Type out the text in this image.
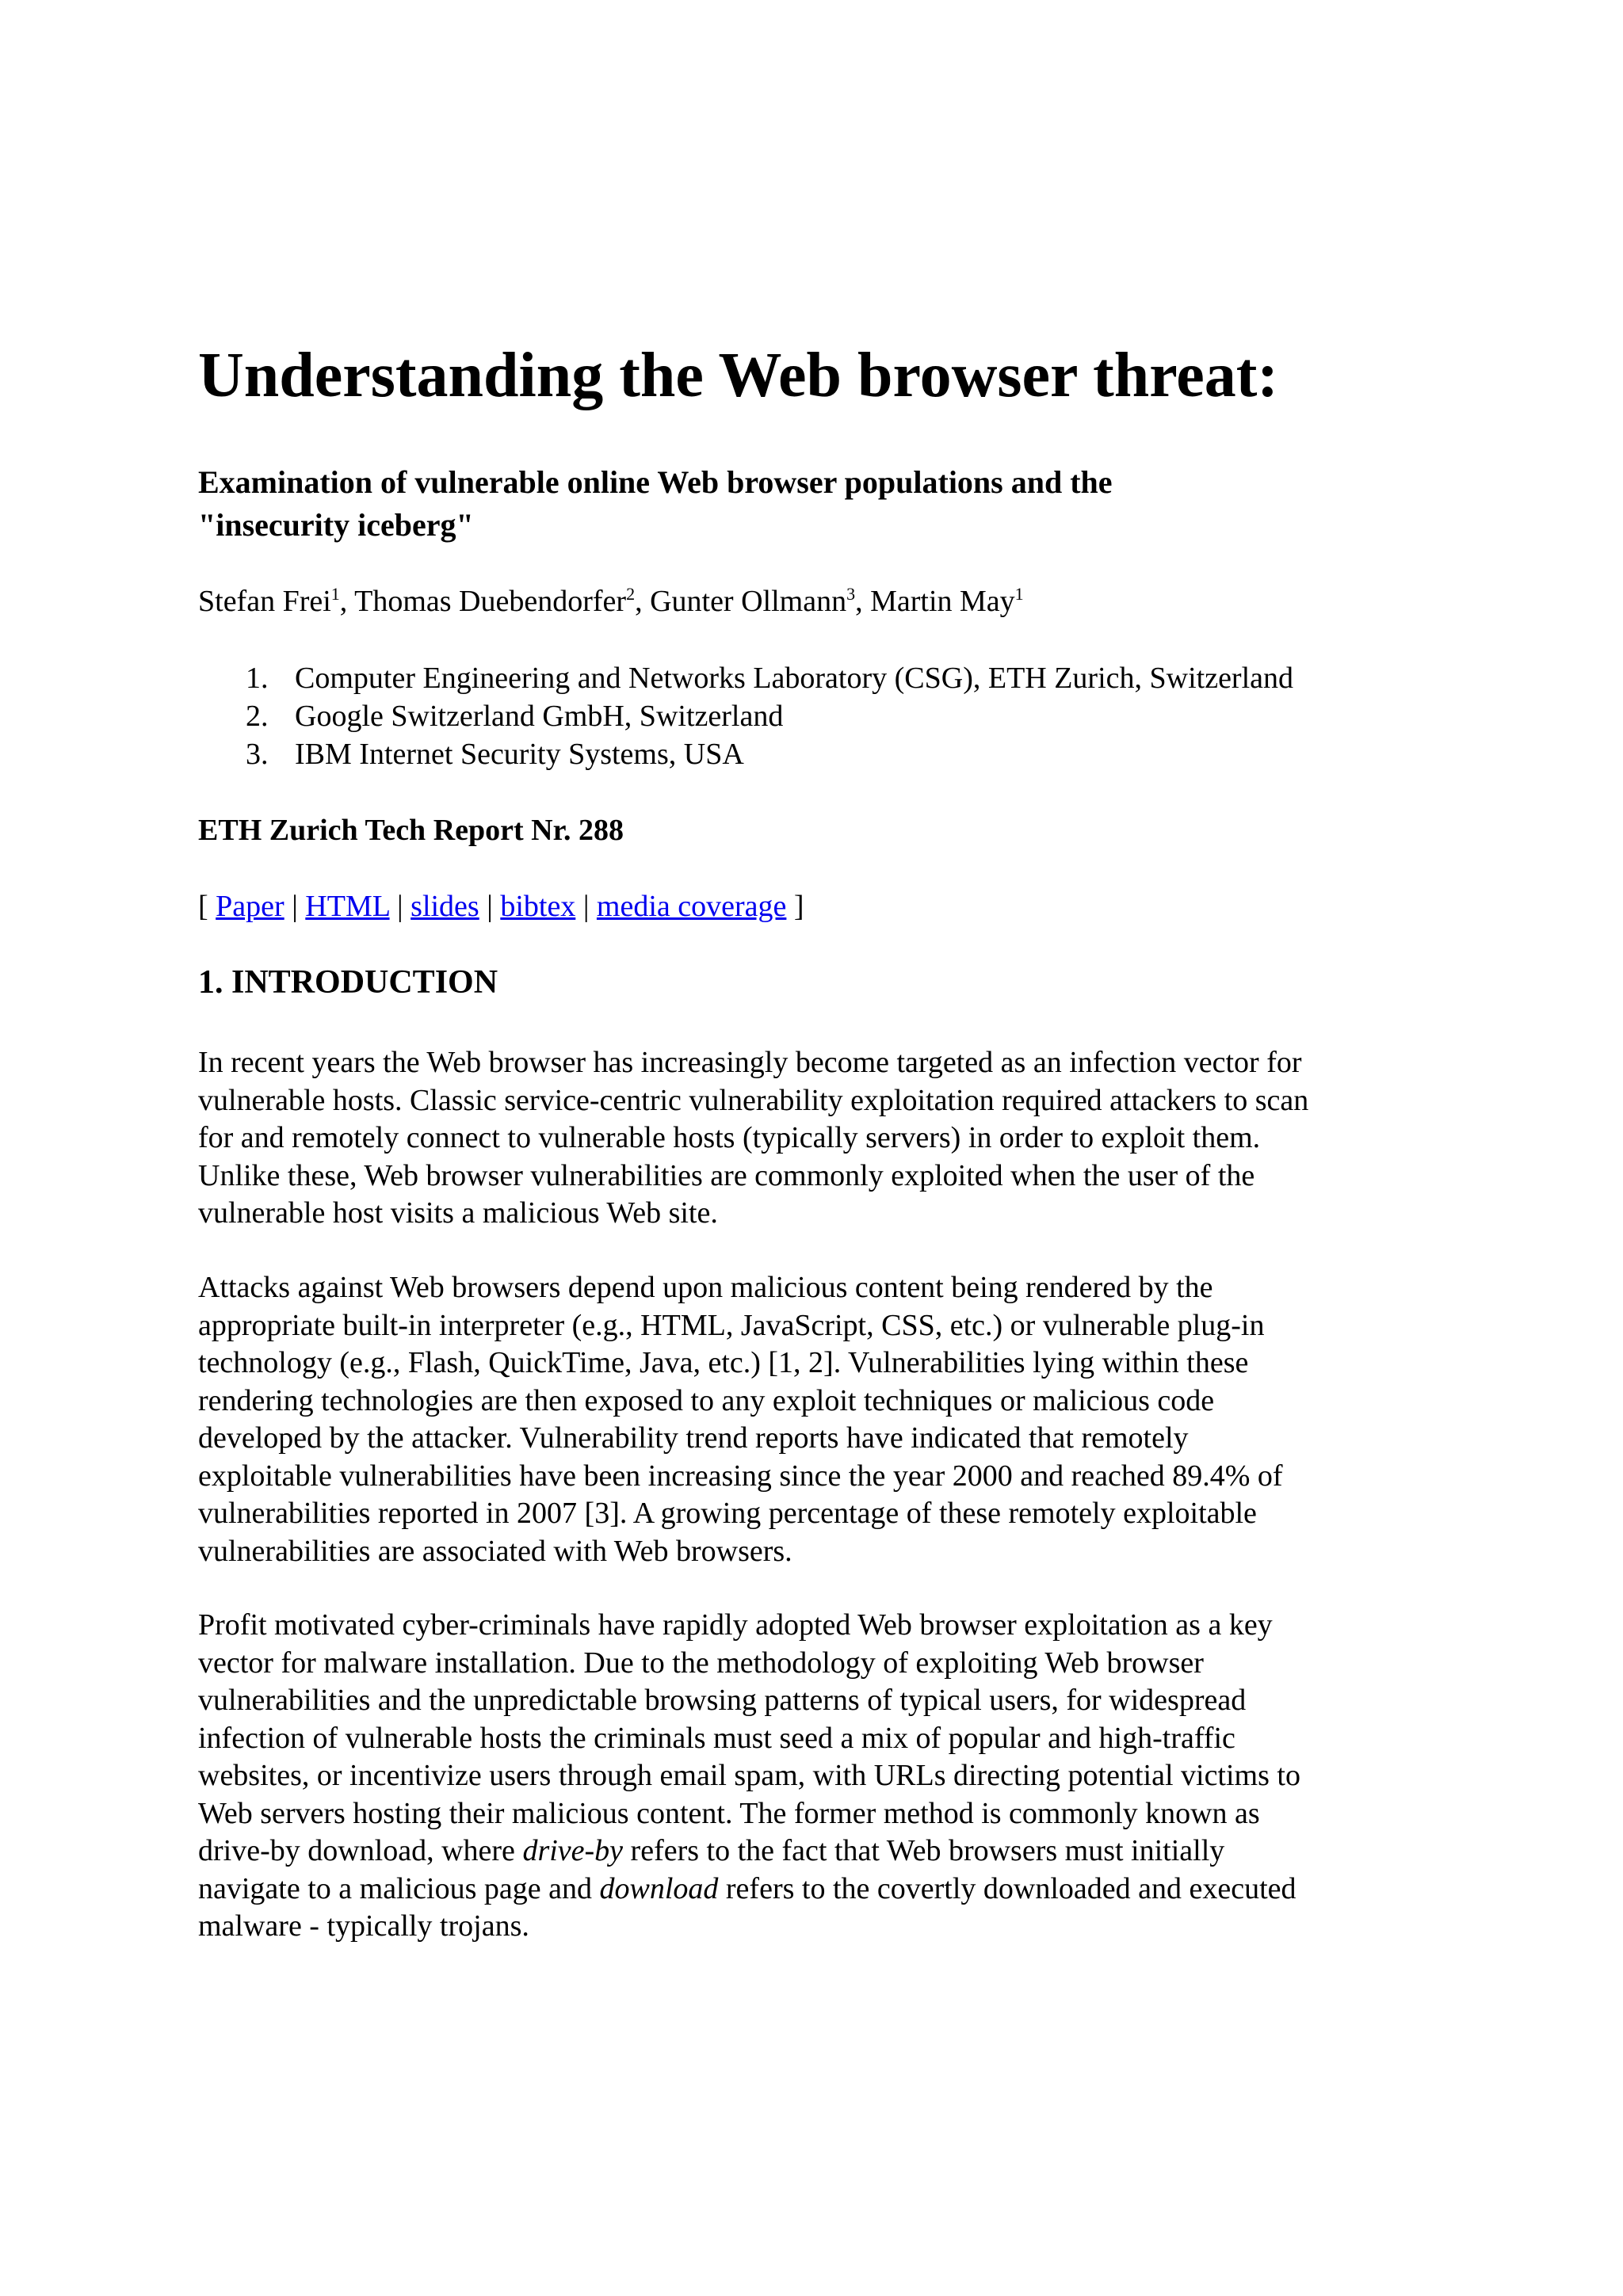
Understanding the Web browser threat:
Examination of vulnerable online Web browser populations and the
"insecurity iceberg"
Stefan Frei$^1$, Thomas Duebendorfer$^2$, Gunter Ollmann$^3$, Martin May$^1$
1. Computer Engineering and Networks Laboratory (CSG), ETH Zurich, Switzerland
2. Google Switzerland GmbH, Switzerland
3. IBM Internet Security Systems, USA
ETH Zurich Tech Report Nr. 288
[ Paper | HTML | slides | bibtex | media coverage ]
1. INTRODUCTION

In recent years the Web browser has increasingly become targeted as an infection vector for
vulnerable hosts. Classic service-centric vulnerability exploitation required attackers to scan
for and remotely connect to vulnerable hosts (typically servers) in order to exploit them.
Unlike these, Web browser vulnerabilities are commonly exploited when the user of the
vulnerable host visits a malicious Web site.

Attacks against Web browsers depend upon malicious content being rendered by the
appropriate built-in interpreter (e.g., HTML, JavaScript, CSS, etc.) or vulnerable plug-in
technology (e.g., Flash, QuickTime, Java, etc.) [1, 2]. Vulnerabilities lying within these
rendering technologies are then exposed to any exploit techniques or malicious code
developed by the attacker. Vulnerability trend reports have indicated that remotely
exploitable vulnerabilities have been increasing since the year 2000 and reached 89.4% of
vulnerabilities reported in 2007 [3]. A growing percentage of these remotely exploitable
vulnerabilities are associated with Web browsers.

Profit motivated cyber-criminals have rapidly adopted Web browser exploitation as a key
vector for malware installation. Due to the methodology of exploiting Web browser
vulnerabilities and the unpredictable browsing patterns of typical users, for widespread
infection of vulnerable hosts the criminals must seed a mix of popular and high-traffic
websites, or incentivize users through email spam, with URLs directing potential victims to
Web servers hosting their malicious content. The former method is commonly known as
drive-by download, where drive-by refers to the fact that Web browsers must initially
navigate to a malicious page and download refers to the covertly downloaded and executed
malware - typically trojans.
